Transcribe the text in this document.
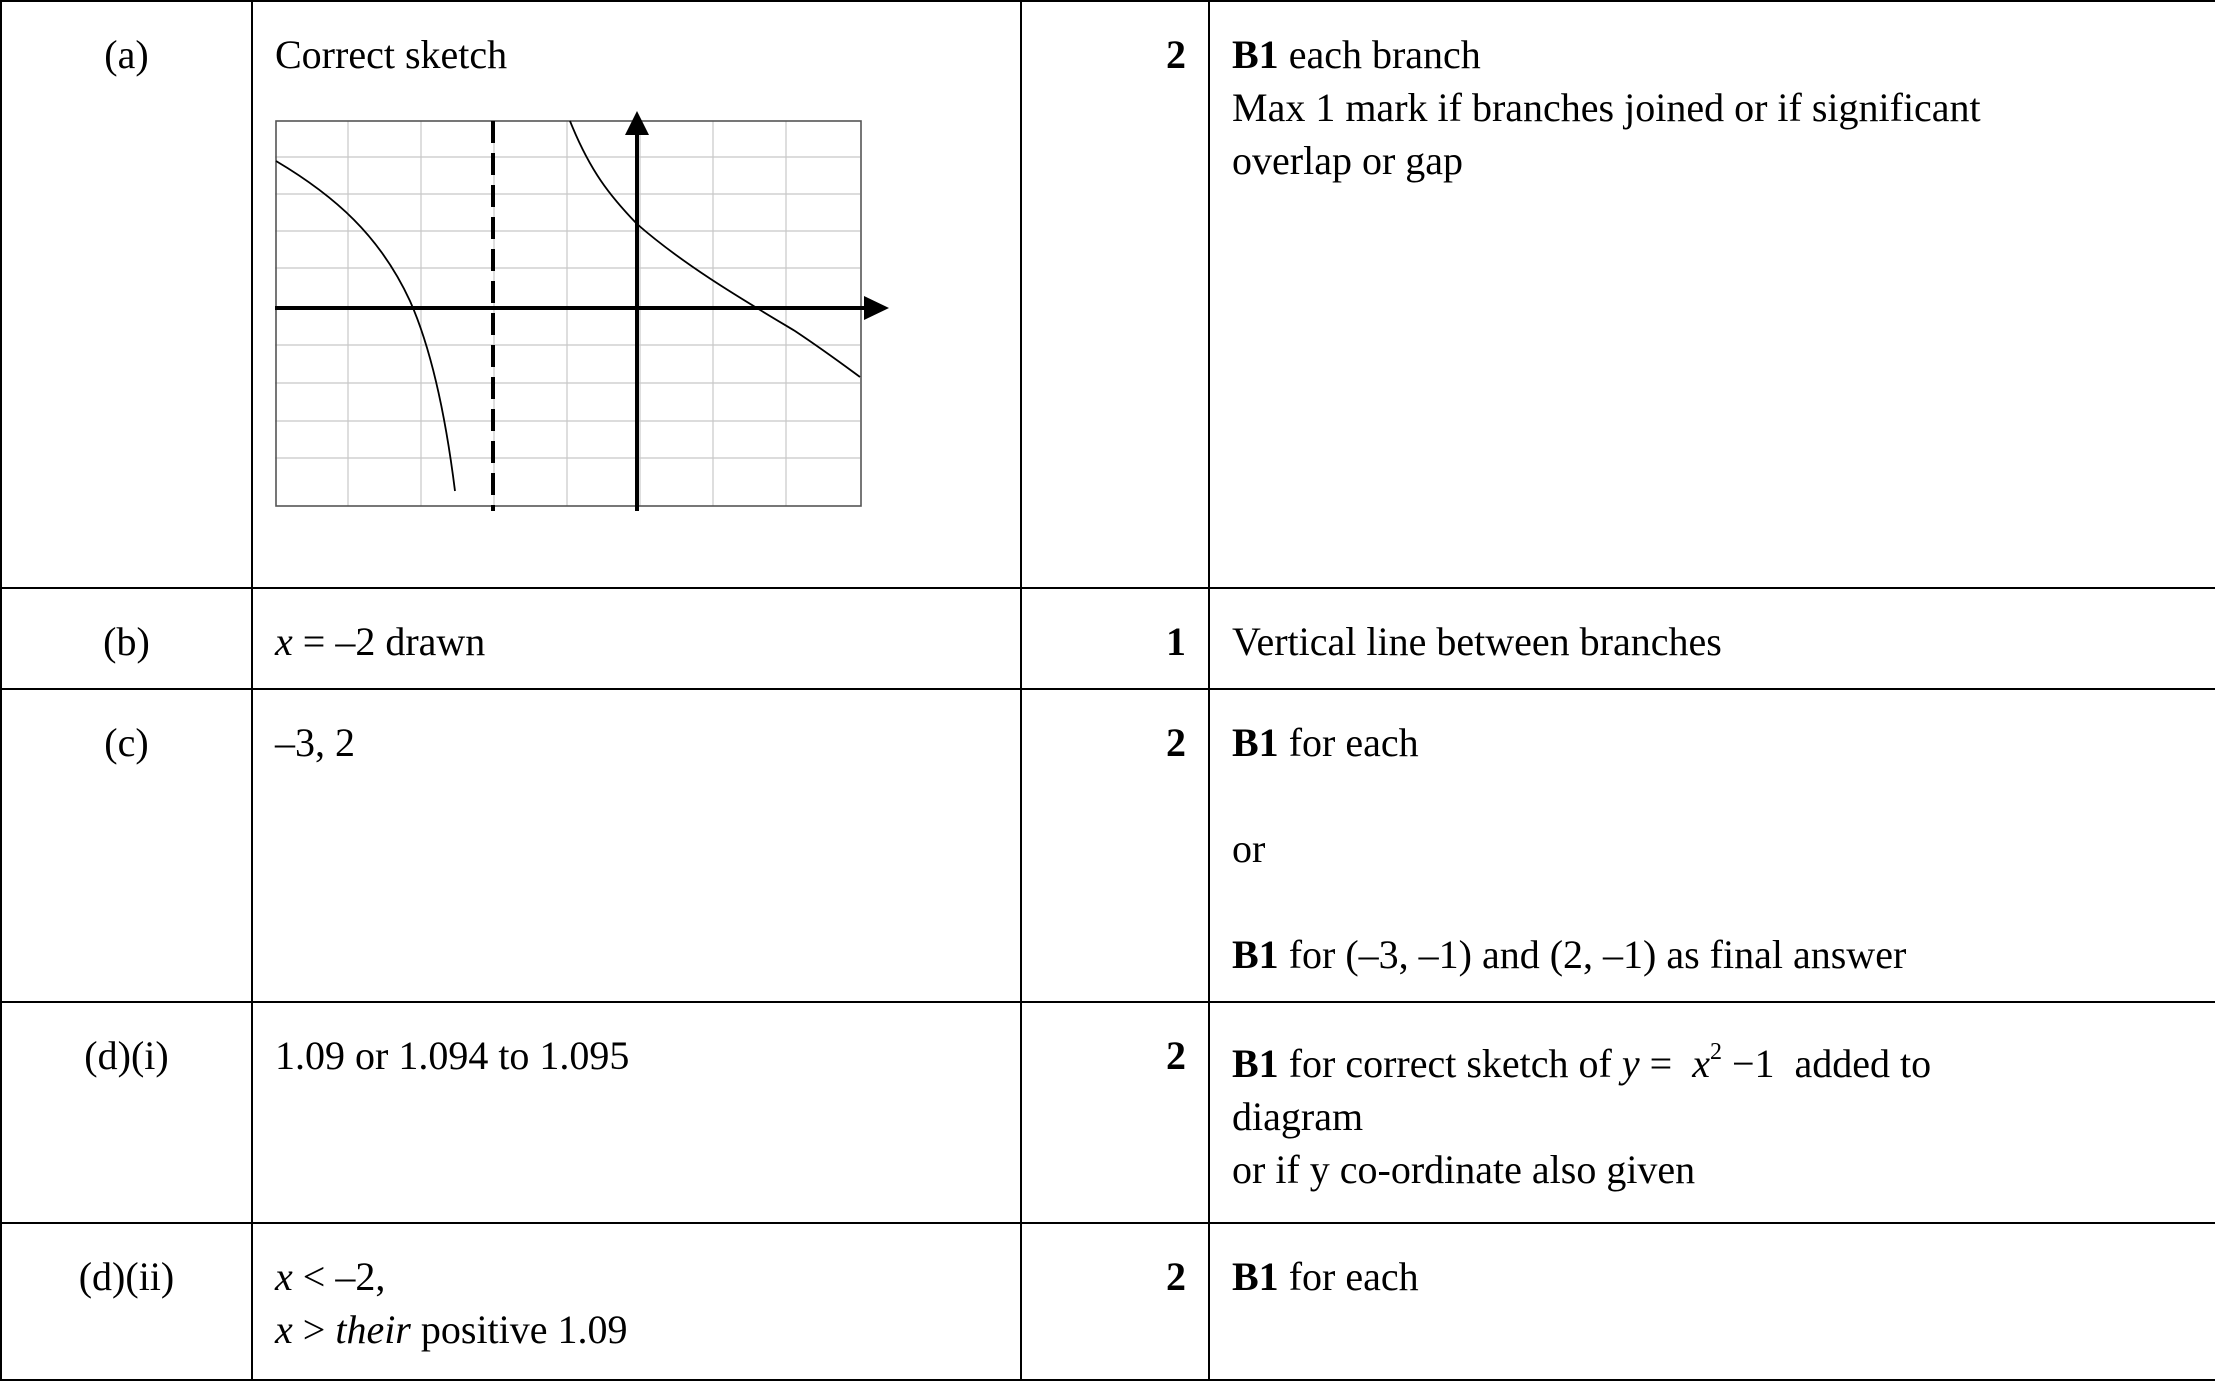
(a)	Correct sketch	2	B1 each branch
Max 1 mark if branches joined or if significant
overlap or gap

(b)	x = –2 drawn	1	Vertical line between branches

(c)	–3, 2	2	B1 for each
or
B1 for (–3, –1) and (2, –1) as final answer

(d)(i)	1.09 or 1.094 to 1.095	2	B1 for correct sketch of $y = x^2 -1$  added to
diagram
or if y co-ordinate also given

(d)(ii)	x < –2,
x > their positive 1.09	2	B1 for each
